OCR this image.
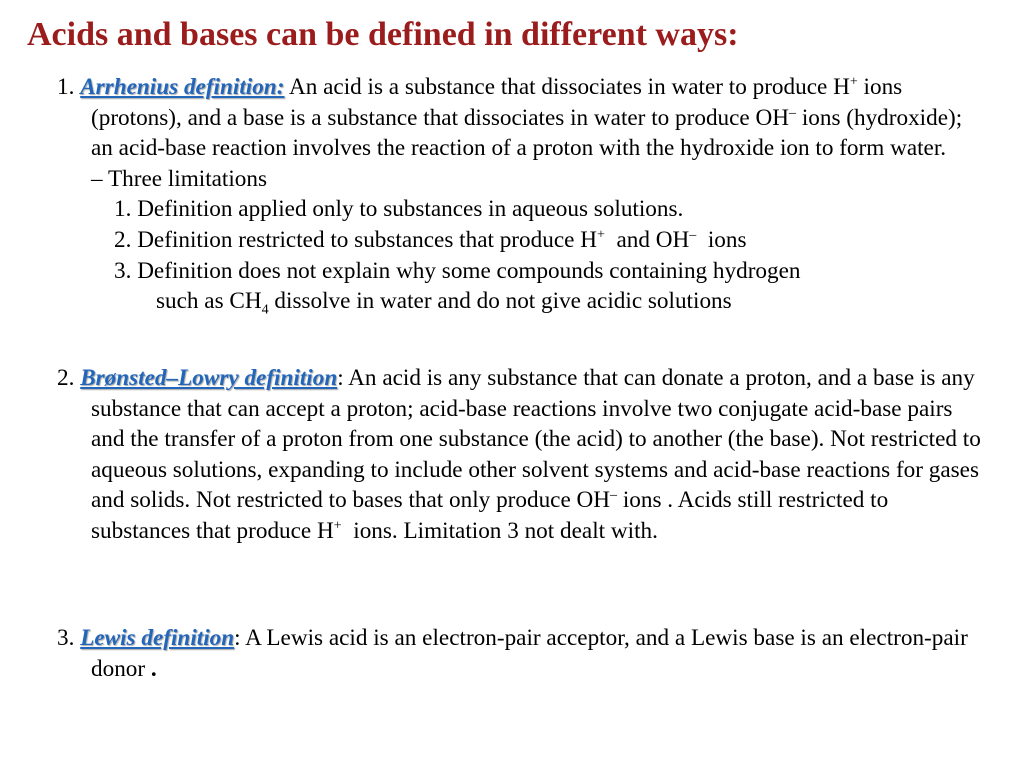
Acids and bases can be defined in different ways:

1. Arrhenius definition: An acid is a substance that dissociates in water to produce H+ ions (protons), and a base is a substance that dissociates in water to produce OH– ions (hydroxide); an acid-base reaction involves the reaction of a proton with the hydroxide ion to form water.

– Three limitations

1. Definition applied only to substances in aqueous solutions.

2. Definition restricted to substances that produce H+  and OH–  ions

3. Definition does not explain why some compounds containing hydrogen
such as $CH_4$ dissolve in water and do not give acidic solutions

2. Brønsted–Lowry definition: An acid is any substance that can donate a proton, and a base is any substance that can accept a proton; acid-base reactions involve two conjugate acid-base pairs and the transfer of a proton from one substance (the acid) to another (the base). Not restricted to aqueous solutions, expanding to include other solvent systems and acid-base reactions for gases and solids. Not restricted to bases that only produce OH– ions . Acids still restricted to substances that produce H+  ions. Limitation 3 not dealt with.

3. Lewis definition: A Lewis acid is an electron-pair acceptor, and a Lewis base is an electron-pair donor .
